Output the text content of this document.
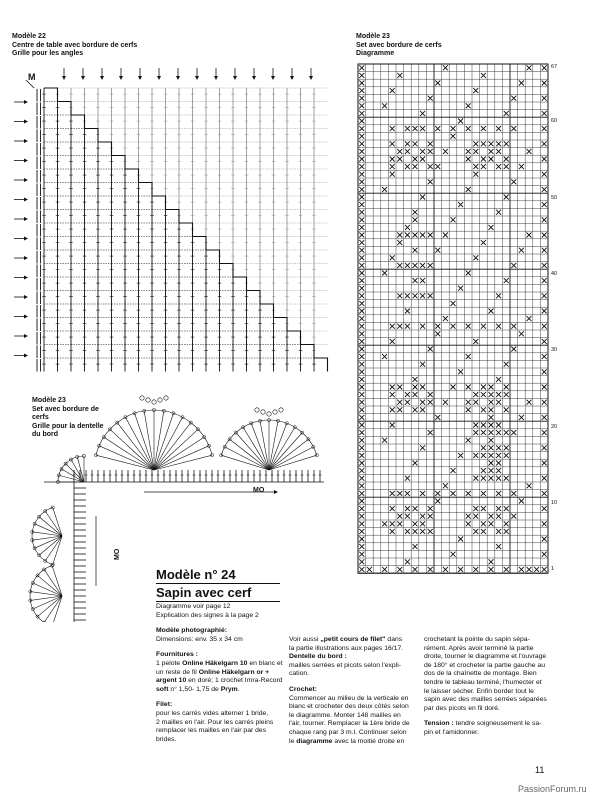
Modèle 22
Centre de table avec bordure de cerfs
Grille pour les angles
Modèle 23
Set avec bordure de cerfs
Diagramme
M
67
60
50
40
30
20
10
1
Modèle 23
Set avec bordure de
cerfs
Grille pour la dentelle
du bord
MO
MO
Modèle n° 24
Sapin avec cerf
Diagramme voir page 12
Explication des signes à la page 2
Modèle photographié:
Dimensions: env. 35 x 34 cm
Fournitures :
1 pelote Online Häkelgarn 10 en blanc et un reste de fil Online Häkelgarn or + argent 10 en doré; 1 crochet Imra-Record soft n° 1,50- 1,75 de Prym.
Filet:
pour les carrés vides alterner 1 bride,
2 mailles en l'air. Pour les carrés pleins
remplacer les mailles en l'air par des
brides.
Voir aussi „petit cours de filet" dans
la partie illustrations aux pages 16/17.
Dentelle du bord :
mailles serrées et picots selon l'expli-
cation.
Crochet:
Commencer au milieu de la verticale en
blanc et crocheter des deux côtés selon
le diagramme. Monter 148 mailles en
l'air, tourner. Remplacer la 1ère bride de
chaque rang par 3 m.l. Continuer selon
le diagramme avec la moitié droite en
crochetant la pointe du sapin sépa-
rément. Après avoir terminé la partie
droite, tourner le diagramme et l'ouvrage
de 180° et crocheter la partie gauche au
dos de la chaînette de montage. Bien
tendre le tableau terminé, l'humecter et
le laisser sécher. Enfin border tout le
sapin avec des mailles serrées séparées
par des picots en fil doré.
Tension : tendre soigneusement le sa-
pin et l'amidonner.
11
PassionForum.ru
